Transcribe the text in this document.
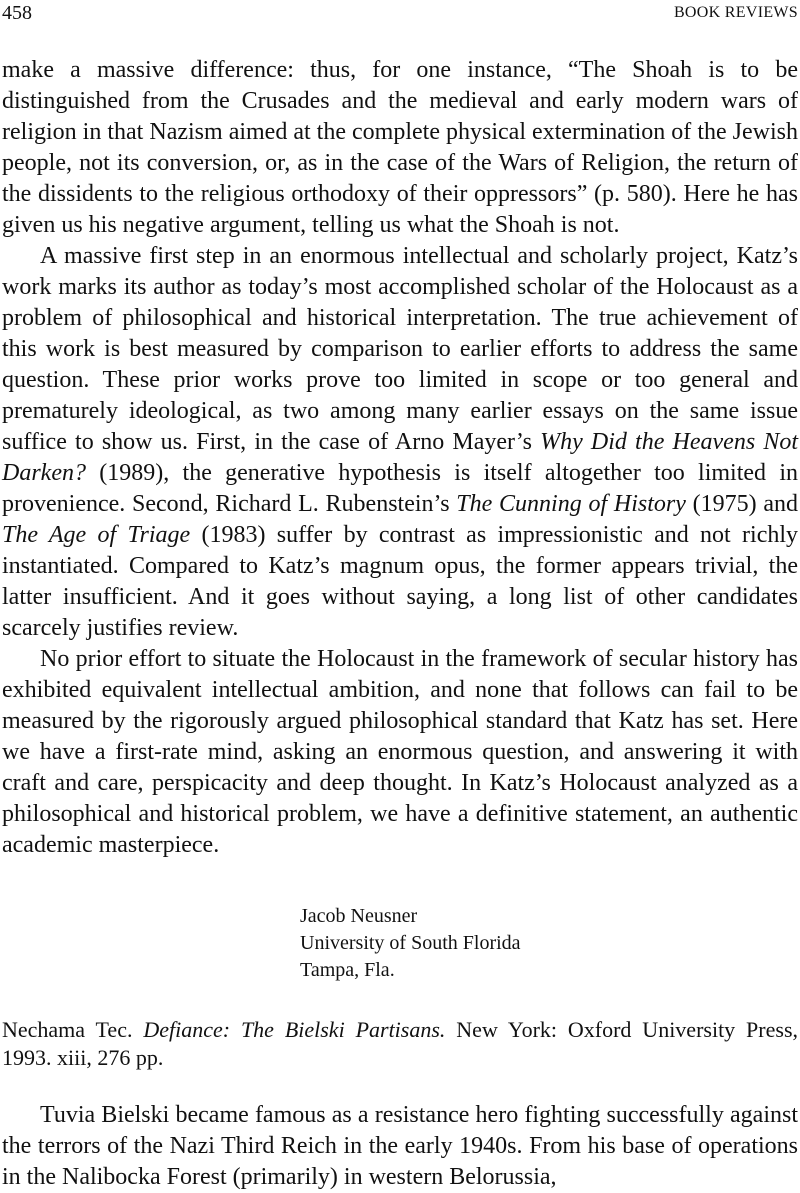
458	BOOK REVIEWS

make a massive difference: thus, for one instance, “The Shoah is to be distinguished from the Crusades and the medieval and early modern wars of religion in that Nazism aimed at the complete physical extermination of the Jewish people, not its conversion, or, as in the case of the Wars of Religion, the return of the dissidents to the religious orthodoxy of their oppressors” (p. 580). Here he has given us his negative argument, telling us what the Shoah is not.

A massive first step in an enormous intellectual and scholarly project, Katz’s work marks its author as today’s most accomplished scholar of the Holocaust as a problem of philosophical and historical interpretation. The true achievement of this work is best measured by comparison to earlier efforts to address the same question. These prior works prove too limited in scope or too general and prematurely ideological, as two among many earlier essays on the same issue suffice to show us. First, in the case of Arno Mayer’s Why Did the Heavens Not Darken? (1989), the generative hypothesis is itself altogether too limited in provenience. Second, Richard L. Rubenstein’s The Cunning of History (1975) and The Age of Triage (1983) suffer by contrast as impressionistic and not richly instantiated. Compared to Katz’s magnum opus, the former appears trivial, the latter insufficient. And it goes without saying, a long list of other candidates scarcely justifies review.

No prior effort to situate the Holocaust in the framework of secular history has exhibited equivalent intellectual ambition, and none that follows can fail to be measured by the rigorously argued philosophical standard that Katz has set. Here we have a first-rate mind, asking an enormous question, and answering it with craft and care, perspicacity and deep thought. In Katz’s Holocaust analyzed as a philosophical and historical problem, we have a definitive statement, an authentic academic masterpiece.

Jacob Neusner
University of South Florida
Tampa, Fla.
Nechama Tec. Defiance: The Bielski Partisans. New York: Oxford University Press, 1993. xiii, 276 pp.

Tuvia Bielski became famous as a resistance hero fighting successfully against the terrors of the Nazi Third Reich in the early 1940s. From his base of operations in the Nalibocka Forest (primarily) in western Belorussia,
